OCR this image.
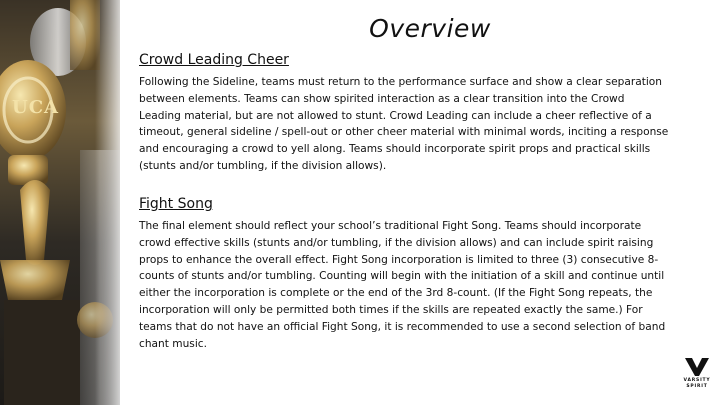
UCA
Overview
Crowd Leading Cheer

Following the Sideline, teams must return to the performance surface and show a clear separation between elements. Teams can show spirited interaction as a clear transition into the Crowd Leading material, but are not allowed to stunt. Crowd Leading can include a cheer reflective of a timeout, general sideline / spell-out or other cheer material with minimal words, inciting a response and encouraging a crowd to yell along. Teams should incorporate spirit props and practical skills (stunts and/or tumbling, if the division allows).

Fight Song

The final element should reflect your school’s traditional Fight Song. Teams should incorporate crowd effective skills (stunts and/or tumbling, if the division allows) and can include spirit raising props to enhance the overall effect. Fight Song incorporation is limited to three (3) consecutive 8-counts of stunts and/or tumbling. Counting will begin with the initiation of a skill and continue until either the incorporation is complete or the end of the 3rd 8-count. (If the Fight Song repeats, the incorporation will only be permitted both times if the skills are repeated exactly the same.) For teams that do not have an official Fight Song, it is recommended to use a second selection of band chant music.

VARSITY
SPIRIT
